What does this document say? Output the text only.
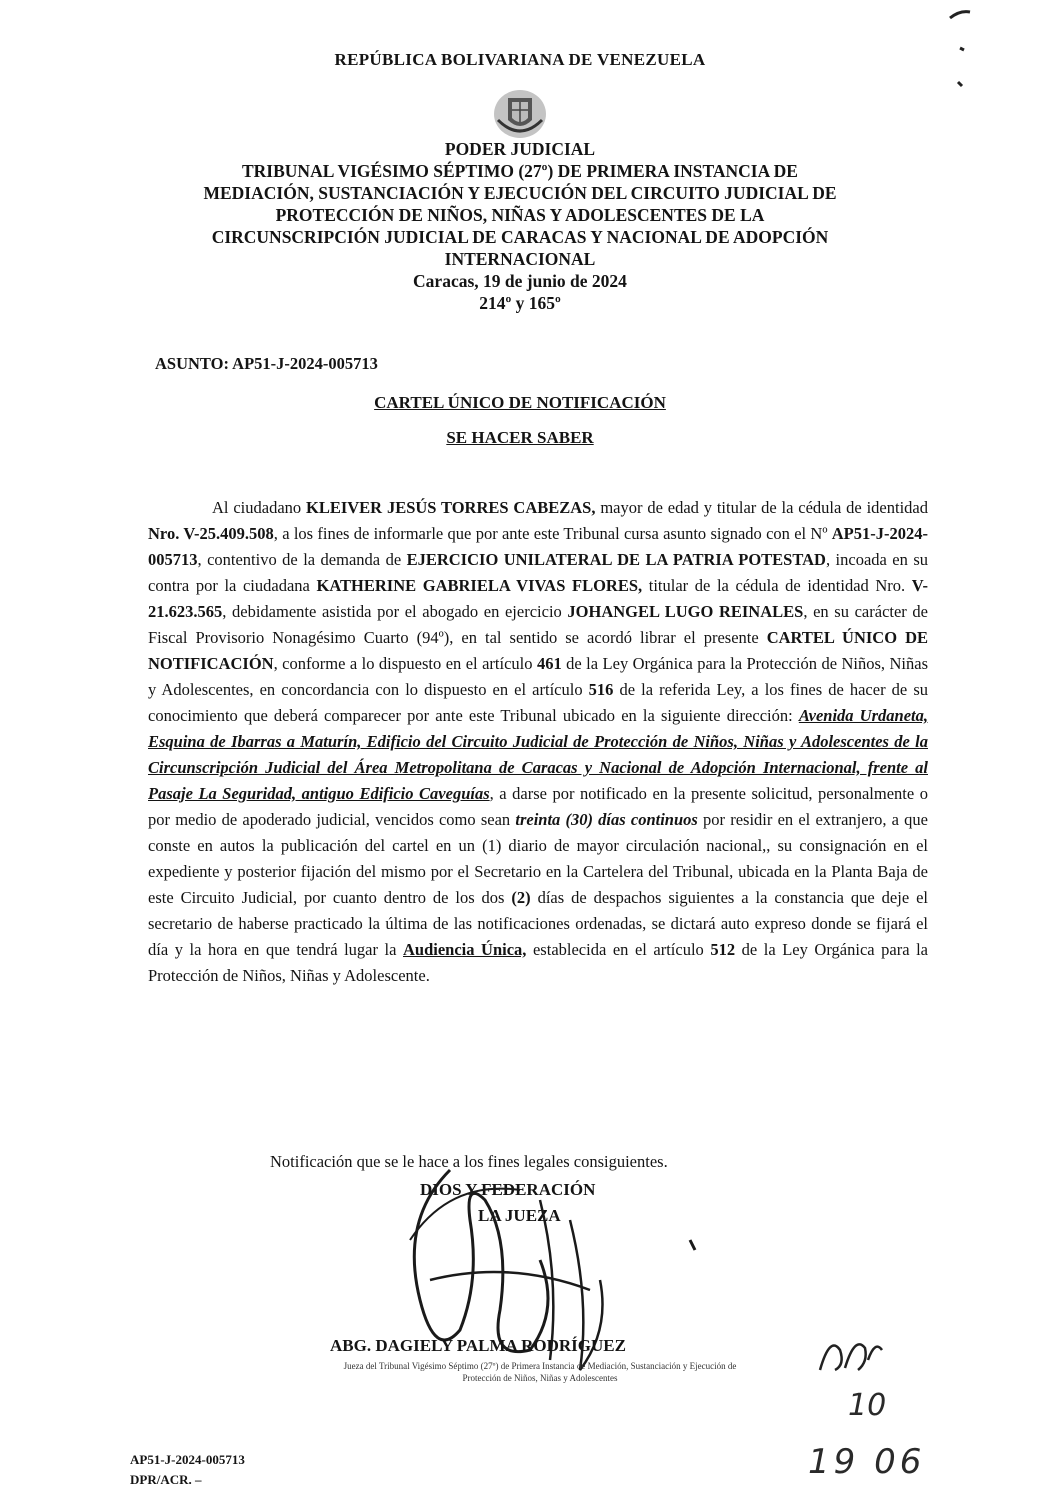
REPÚBLICA BOLIVARIANA DE VENEZUELA
PODER JUDICIAL
TRIBUNAL VIGÉSIMO SÉPTIMO (27º) DE PRIMERA INSTANCIA DE
MEDIACIÓN, SUSTANCIACIÓN Y EJECUCIÓN DEL CIRCUITO JUDICIAL DE
PROTECCIÓN DE NIÑOS, NIÑAS Y ADOLESCENTES DE LA
CIRCUNSCRIPCIÓN JUDICIAL DE CARACAS Y NACIONAL DE ADOPCIÓN
INTERNACIONAL
Caracas, 19 de junio de 2024
214º y 165º
ASUNTO: AP51-J-2024-005713
CARTEL ÚNICO DE NOTIFICACIÓN
SE HACER SABER

Al ciudadano KLEIVER JESÚS TORRES CABEZAS, mayor de edad y titular de la cédula de identidad Nro. V-25.409.508, a los fines de informarle que por ante este Tribunal cursa asunto signado con el Nº AP51-J-2024-005713, contentivo de la demanda de EJERCICIO UNILATERAL DE LA PATRIA POTESTAD, incoada en su contra por la ciudadana KATHERINE GABRIELA VIVAS FLORES, titular de la cédula de identidad Nro. V-21.623.565, debidamente asistida por el abogado en ejercicio JOHANGEL LUGO REINALES, en su carácter de Fiscal Provisorio Nonagésimo Cuarto (94º), en tal sentido se acordó librar el presente CARTEL ÚNICO DE NOTIFICACIÓN, conforme a lo dispuesto en el artículo 461 de la Ley Orgánica para la Protección de Niños, Niñas y Adolescentes, en concordancia con lo dispuesto en el artículo 516 de la referida Ley, a los fines de hacer de su conocimiento que deberá comparecer por ante este Tribunal ubicado en la siguiente dirección: Avenida Urdaneta, Esquina de Ibarras a Maturín, Edificio del Circuito Judicial de Protección de Niños, Niñas y Adolescentes de la Circunscripción Judicial del Área Metropolitana de Caracas y Nacional de Adopción Internacional, frente al Pasaje La Seguridad, antiguo Edificio Caveguías, a darse por notificado en la presente solicitud, personalmente o por medio de apoderado judicial, vencidos como sean treinta (30) días continuos por residir en el extranjero, a que conste en autos la publicación del cartel en un (1) diario de mayor circulación nacional,, su consignación en el expediente y posterior fijación del mismo por el Secretario en la Cartelera del Tribunal, ubicada en la Planta Baja de este Circuito Judicial, por cuanto dentro de los dos (2) días de despachos siguientes a la constancia que deje el secretario de haberse practicado la última de las notificaciones ordenadas, se dictará auto expreso donde se fijará el día y la hora en que tendrá lugar la Audiencia Única, establecida en el artículo 512 de la Ley Orgánica para la Protección de Niños, Niñas y Adolescente.

Notificación que se le hace a los fines legales consiguientes.
DIOS Y FEDERACIÓN
LA JUEZA
ABG. DAGIELY PALMA RODRÍGUEZ
Jueza del Tribunal Vigésimo Séptimo (27º) de Primera Instancia de Mediación, Sustanciación y Ejecución de Protección de Niños, Niñas y Adolescentes
10
19 06
AP51-J-2024-005713
DPR/ACR. –
